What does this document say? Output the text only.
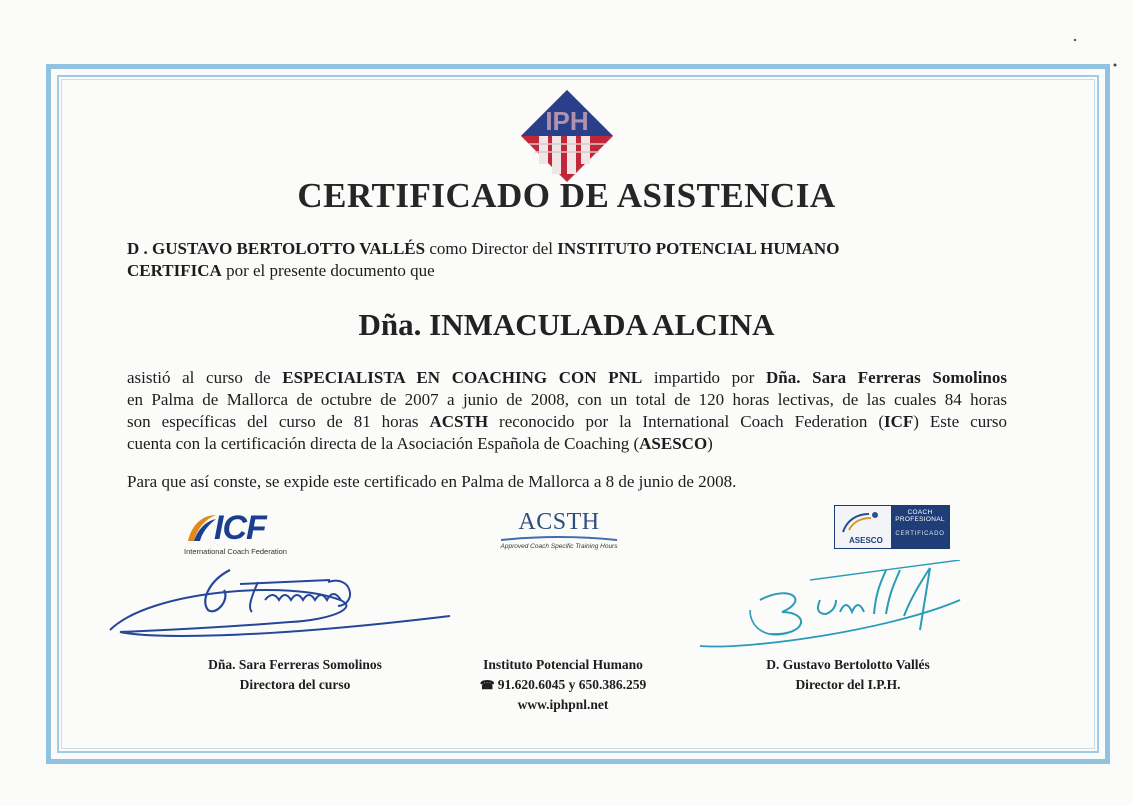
IPH
CERTIFICADO DE ASISTENCIA
D . GUSTAVO BERTOLOTTO VALLÉS como Director del INSTITUTO POTENCIAL HUMANO
CERTIFICA por el presente documento que
Dña. INMACULADA ALCINA
asistió al curso de ESPECIALISTA EN COACHING CON PNL impartido por Dña. Sara Ferreras Somolinos
en Palma de Mallorca de octubre de 2007 a junio de 2008, con un total de 120 horas lectivas, de las cuales 84 horas
son específicas del curso de 81 horas ACSTH reconocido por la International Coach Federation (ICF) Este curso
cuenta con la certificación directa de la Asociación Española de Coaching (ASESCO)
Para que así conste, se expide este certificado en Palma de Mallorca a 8 de junio de 2008.
ICF
International Coach Federation
ACSTH
Approved Coach Specific Training Hours
ASESCO
COACH
PROFESIONAL
CERTIFICADO
Dña. Sara Ferreras Somolinos
Directora del curso
Instituto Potencial Humano
☎ 91.620.6045 y 650.386.259
www.iphpnl.net
D. Gustavo Bertolotto Vallés
Director del I.P.H.
